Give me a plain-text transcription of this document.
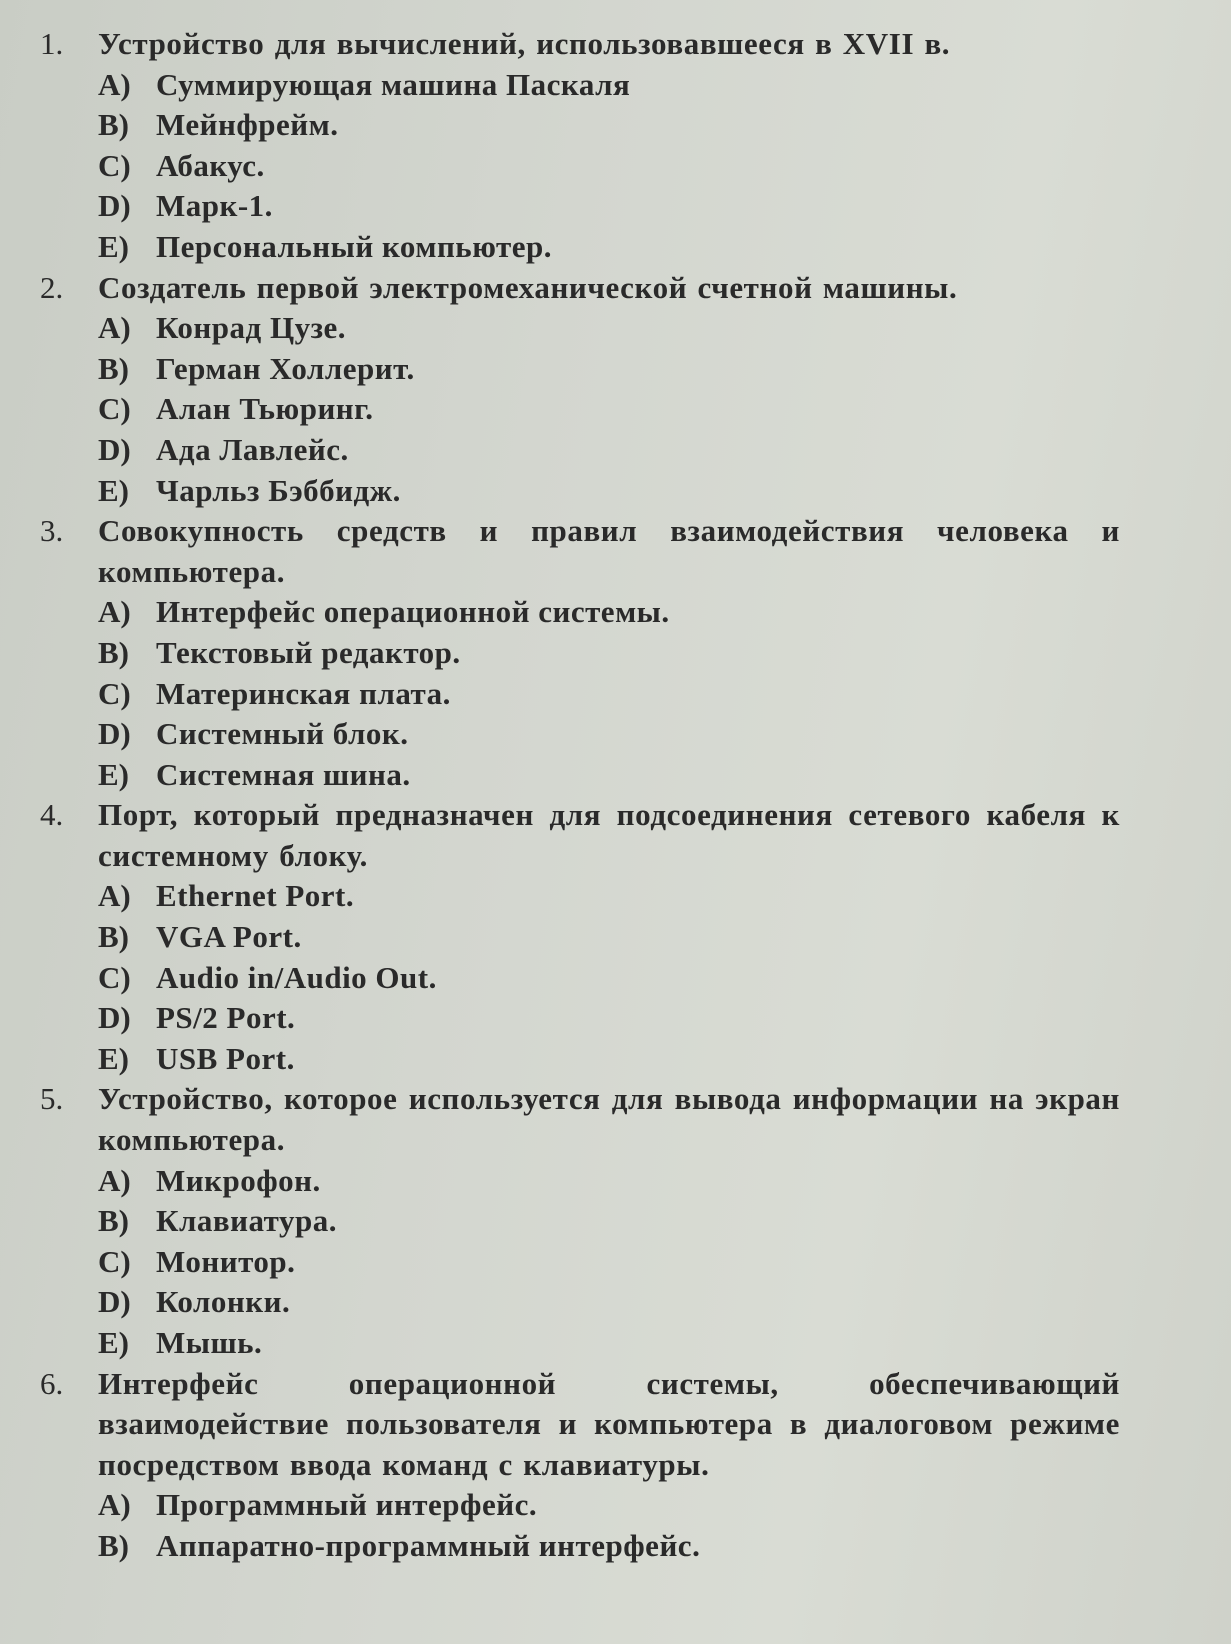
1.	Устройство для вычислений, использовавшееся в XVII в.
A) Суммирующая машина Паскаля
B) Мейнфрейм.
C) Абакус.
D) Марк-1.
E) Персональный компьютер.
2.	Создатель первой электромеханической счетной машины.
A) Конрад Цузе.
B) Герман Холлерит.
C) Алан Тьюринг.
D) Ада Лавлейс.
E) Чарльз Бэббидж.
3.	Совокупность средств и правил взаимодействия человека и компьютера.
A) Интерфейс операционной системы.
B) Текстовый редактор.
C) Материнская плата.
D) Системный блок.
E) Системная шина.
4.	Порт, который предназначен для подсоединения сетевого кабеля к системному блоку.
A) Ethernet Port.
B) VGA Port.
C) Audio in/Audio Out.
D) PS/2 Port.
E) USB Port.
5.	Устройство, которое используется для вывода информации на экран компьютера.
A) Микрофон.
B) Клавиатура.
C) Монитор.
D) Колонки.
E) Мышь.
6.	Интерфейс операционной системы, обеспечивающий взаимодействие пользователя и компьютера в диалоговом режиме посредством ввода команд с клавиатуры.
A) Программный интерфейс.
B) Аппаратно-программный интерфейс.
